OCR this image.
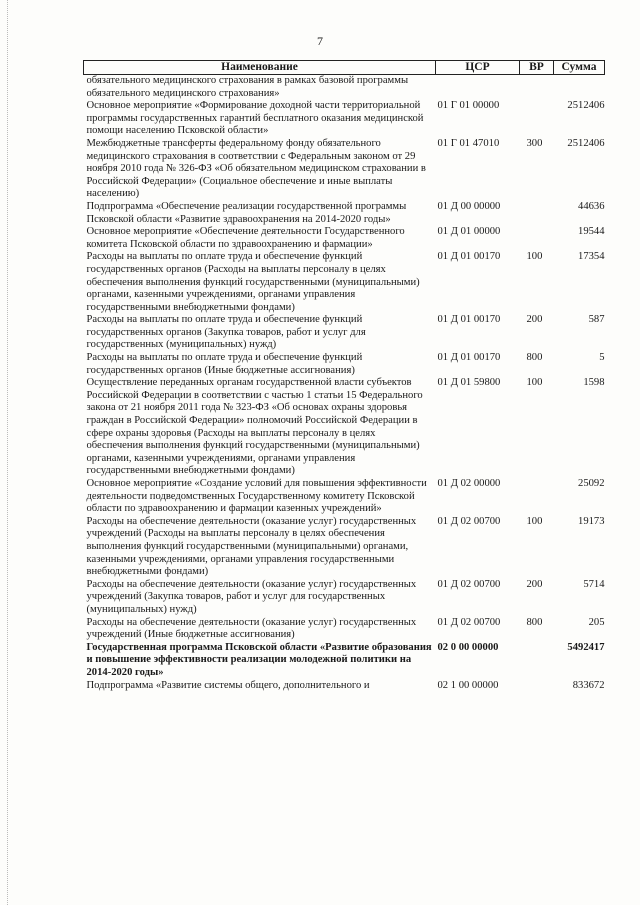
7
Наименование	ЦСР	ВР	Сумма
обязательного медицинского страхования в рамках базовой программы обязательного медицинского страхования»			
Основное мероприятие «Формирование доходной части территориальной программы государственных гарантий бесплатного оказания медицинской помощи населению Псковской области»	01 Г 01 00000		2512406
Межбюджетные трансферты федеральному фонду обязательного медицинского страхования в соответствии с Федеральным законом от 29 ноября 2010 года № 326-ФЗ «Об обязательном медицинском страховании в Российской Федерации» (Социальное обеспечение и иные выплаты населению)	01 Г 01 47010	300	2512406
Подпрограмма «Обеспечение реализации государственной программы Псковской области «Развитие здравоохранения на 2014-2020 годы»	01 Д 00 00000		44636
Основное мероприятие «Обеспечение деятельности Государственного комитета Псковской области по здравоохранению и фармации»	01 Д 01 00000		19544
Расходы на выплаты по оплате труда и обеспечение функций государственных органов (Расходы на выплаты персоналу в целях обеспечения выполнения функций государственными (муниципальными) органами, казенными учреждениями, органами управления государственными внебюджетными фондами)	01 Д 01 00170	100	17354
Расходы на выплаты по оплате труда и обеспечение функций государственных органов (Закупка товаров, работ и услуг для государственных (муниципальных) нужд)	01 Д 01 00170	200	587
Расходы на выплаты по оплате труда и обеспечение функций государственных органов (Иные бюджетные ассигнования)	01 Д 01 00170	800	5
Осуществление переданных органам государственной власти субъектов Российской Федерации в соответствии с частью 1 статьи 15 Федерального закона от 21 ноября 2011 года № 323-ФЗ «Об основах охраны здоровья граждан в Российской Федерации» полномочий Российской Федерации в сфере охраны здоровья (Расходы на выплаты персоналу в целях обеспечения выполнения функций государственными (муниципальными) органами, казенными учреждениями, органами управления государственными внебюджетными фондами)	01 Д 01 59800	100	1598
Основное мероприятие «Создание условий для повышения эффективности деятельности подведомственных Государственному комитету Псковской области по здравоохранению и фармации казенных учреждений»	01 Д 02 00000		25092
Расходы на обеспечение деятельности (оказание услуг) государственных учреждений (Расходы на выплаты персоналу в целях обеспечения выполнения функций государственными (муниципальными) органами, казенными учреждениями, органами управления государственными внебюджетными фондами)	01 Д 02 00700	100	19173
Расходы на обеспечение деятельности (оказание услуг) государственных учреждений (Закупка товаров, работ и услуг для государственных (муниципальных) нужд)	01 Д 02 00700	200	5714
Расходы на обеспечение деятельности (оказание услуг) государственных учреждений (Иные бюджетные ассигнования)	01 Д 02 00700	800	205
Государственная программа Псковской области «Развитие образования и повышение эффективности реализации молодежной политики на 2014-2020 годы»	02 0 00 00000		5492417
Подпрограмма «Развитие системы общего, дополнительного и	02 1 00 00000		833672
